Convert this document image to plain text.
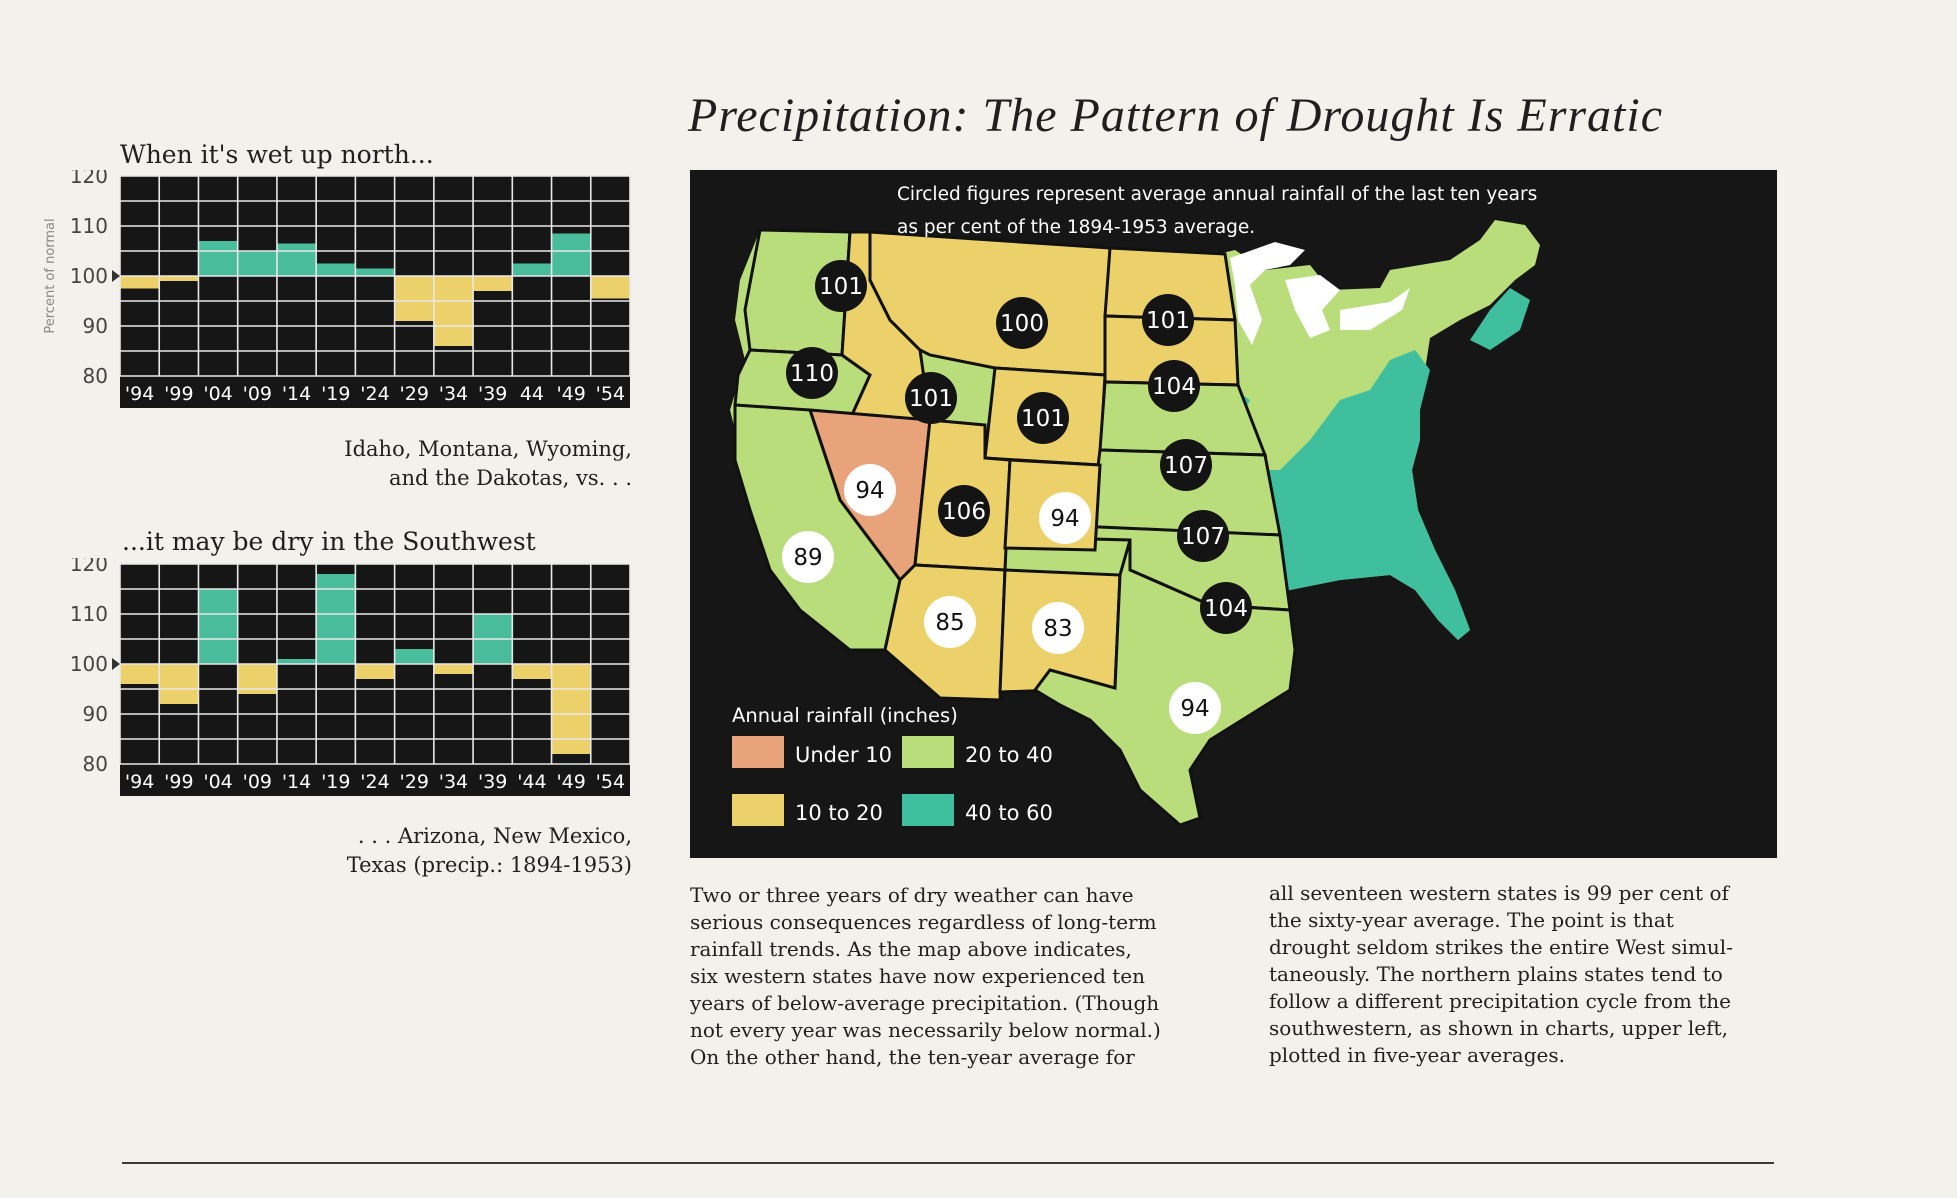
Precipitation: The Pattern of Drought Is Erratic
When it's wet up north...
120
110
100
90
80
'94 '99 '04 '09 '14 '19 '24 '29 '34 '39 44 '49 '54
Percent of normal
Idaho, Montana, Wyoming,
and the Dakotas, vs. . .
...it may be dry in the Southwest
120
110
100
90
80
'94 '99 '04 '09 '14 '19 '24 '29 '34 '39 '44 '49 '54
. . . Arizona, New Mexico,
Texas (precip.: 1894-1953)
Circled figures represent average annual rainfall of the last ten years
as per cent of the 1894-1953 average.
101
110
101
100	101
104
101
107
107
104
94
106	94
89
85	83
94
Annual rainfall (inches)
Under 10	20 to 40
10 to 20	40 to 60
Two or three years of dry weather can have
serious consequences regardless of long-term
rainfall trends. As the map above indicates,
six western states have now experienced ten
years of below-average precipitation. (Though
not every year was necessarily below normal.)
On the other hand, the ten-year average for
all seventeen western states is 99 per cent of
the sixty-year average. The point is that
drought seldom strikes the entire West simul-
taneously. The northern plains states tend to
follow a different precipitation cycle from the
southwestern, as shown in charts, upper left,
plotted in five-year averages.
